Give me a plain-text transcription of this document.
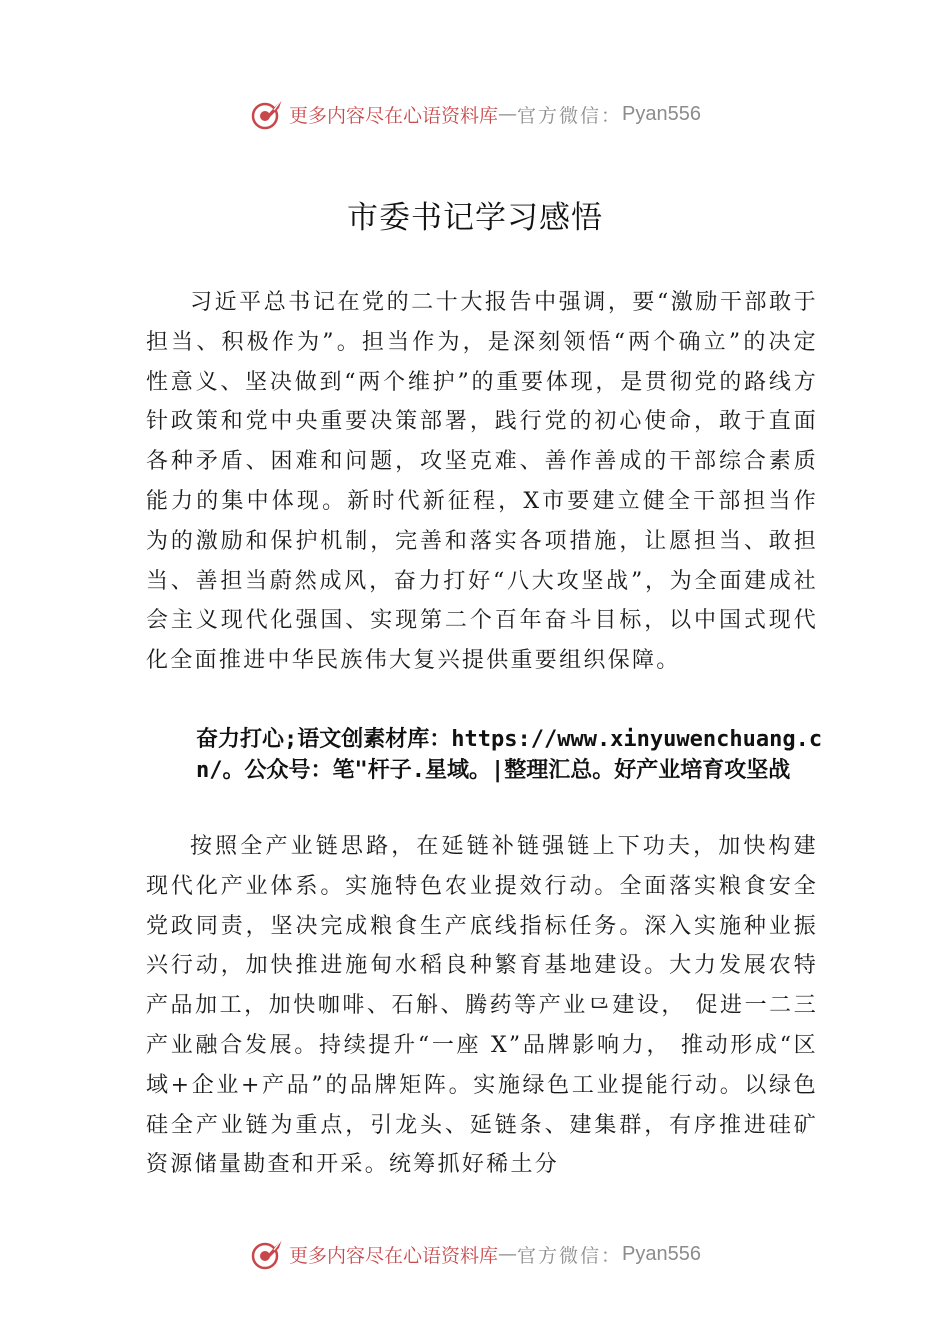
更多内容尽在心语资料库 — 官方微信： Pyan556
市委书记学习感悟

习近平总书记在党的二十大报告中强调，要“激励干部敢于担当、积极作为”。担当作为，是深刻领悟“两个确立”的决定性意义、坚决做到“两个维护”的重要体现，是贯彻党的路线方针政策和党中央重要决策部署，践行党的初心使命，敢于直面各种矛盾、困难和问题，攻坚克难、善作善成的干部综合素质能力的集中体现。新时代新征程，X市要建立健全干部担当作为的激励和保护机制，完善和落实各项措施，让愿担当、敢担当、善担当蔚然成风，奋力打好“八大攻坚战”，为全面建成社会主义现代化强国、实现第二个百年奋斗目标，以中国式现代化全面推进中华民族伟大复兴提供重要组织保障。

奋力打心;语文创素材库：https://www.xinyuwenchuang.cn/。公众号：笔"杆子.星域。|整理汇总。好产业培育攻坚战

按照全产业链思路，在延链补链强链上下功夫，加快构建现代化产业体系。实施特色农业提效行动。全面落实粮食安全党政同责，坚决完成粮食生产底线指标任务。深入实施种业振兴行动，加快推进施甸水稻良种繁育基地建设。大力发展农特产品加工，加快咖啡、石斛、腾药等产业⺋建设， 促进一二三产业融合发展。持续提升“一座 X”品牌影响力， 推动形成“区域+企业+产品”的品牌矩阵。实施绿色工业提能行动。以绿色硅全产业链为重点，引龙头、延链条、建集群，有序推进硅矿资源储量勘查和开采。统筹抓好稀土分

更多内容尽在心语资料库 — 官方微信： Pyan556
